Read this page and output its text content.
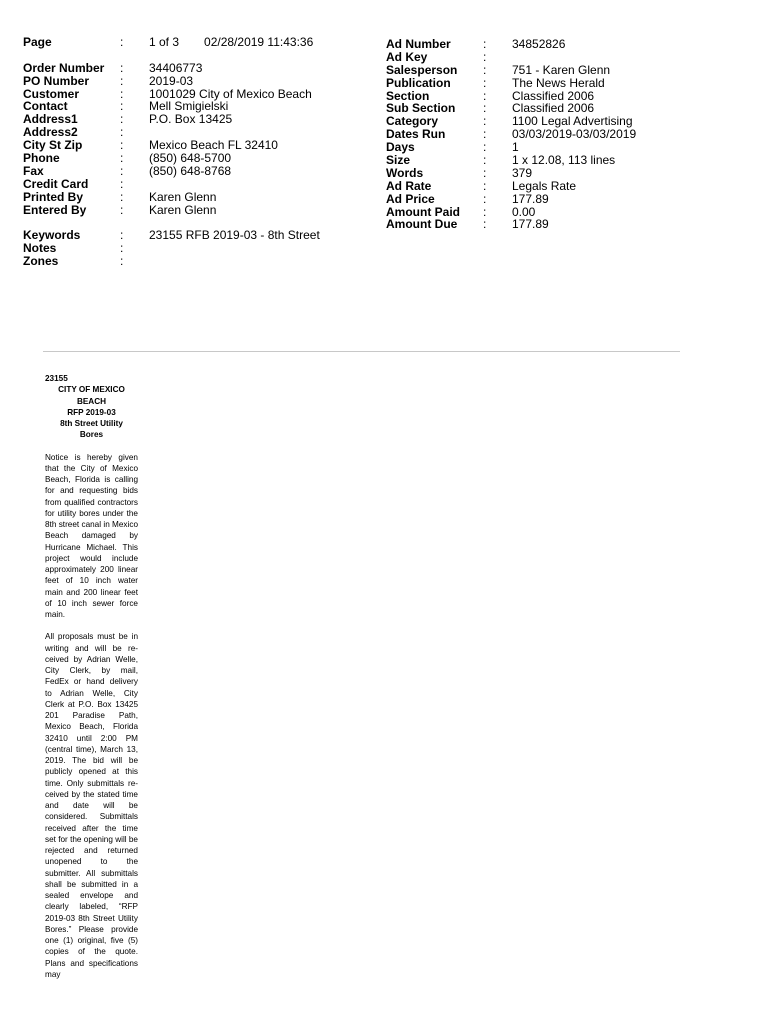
Page	:	1 of 3 02/28/2019 11:43:36
Order Number	:	34406773
PO Number	:	2019-03
Customer	:	1001029 City of Mexico Beach
Contact	:	Mell Smigielski
Address1	:	P.O. Box 13425
Address2	:
City St Zip	:	Mexico Beach FL 32410
Phone	:	(850) 648-5700
Fax	:	(850) 648-8768
Credit Card	:
Printed By	:	Karen Glenn
Entered By	:	Karen Glenn
Keywords	:	23155 RFB 2019-03 - 8th Street
Notes	:
Zones	:
Ad Number	:	34852826
Ad Key	:
Salesperson	:	751 - Karen Glenn
Publication	:	The News Herald
Section	:	Classified 2006
Sub Section	:	Classified 2006
Category	:	1100 Legal Advertising
Dates Run	:	03/03/2019-03/03/2019
Days	:	1
Size	:	1 x 12.08, 113 lines
Words	:	379
Ad Rate	:	Legals Rate
Ad Price	:	177.89
Amount Paid	:	0.00
Amount Due	:	177.89
23155
CITY OF MEXICO
BEACH
RFP 2019-03
8th Street Utility
Bores

Notice is hereby given that the City of Mexico Beach, Florida is calling for and requesting bids from qualified contractors for utility bores under the 8th street canal in Mexico Beach damaged by Hurricane Michael. This project would include approximately 200 linear feet of 10 inch water main and 200 linear feet of 10 inch sewer force main.

All proposals must be in writing and will be received by Adrian Welle, City Clerk, by mail, FedEx or hand delivery to Adrian Welle, City Clerk at P.O. Box 13425 201 Paradise Path, Mexico Beach, Florida 32410 until 2:00 PM (central time), March 13, 2019. The bid will be publicly opened at this time. Only submittals received by the stated time and date will be considered. Submittals received after the time set for the opening will be rejected and returned unopened to the submitter. All submittals shall be submitted in a sealed envelope and clearly labeled, “RFP 2019-03 8th Street Utility Bores.” Please provide one (1) original, five (5) copies of the quote. Plans and specifications may
